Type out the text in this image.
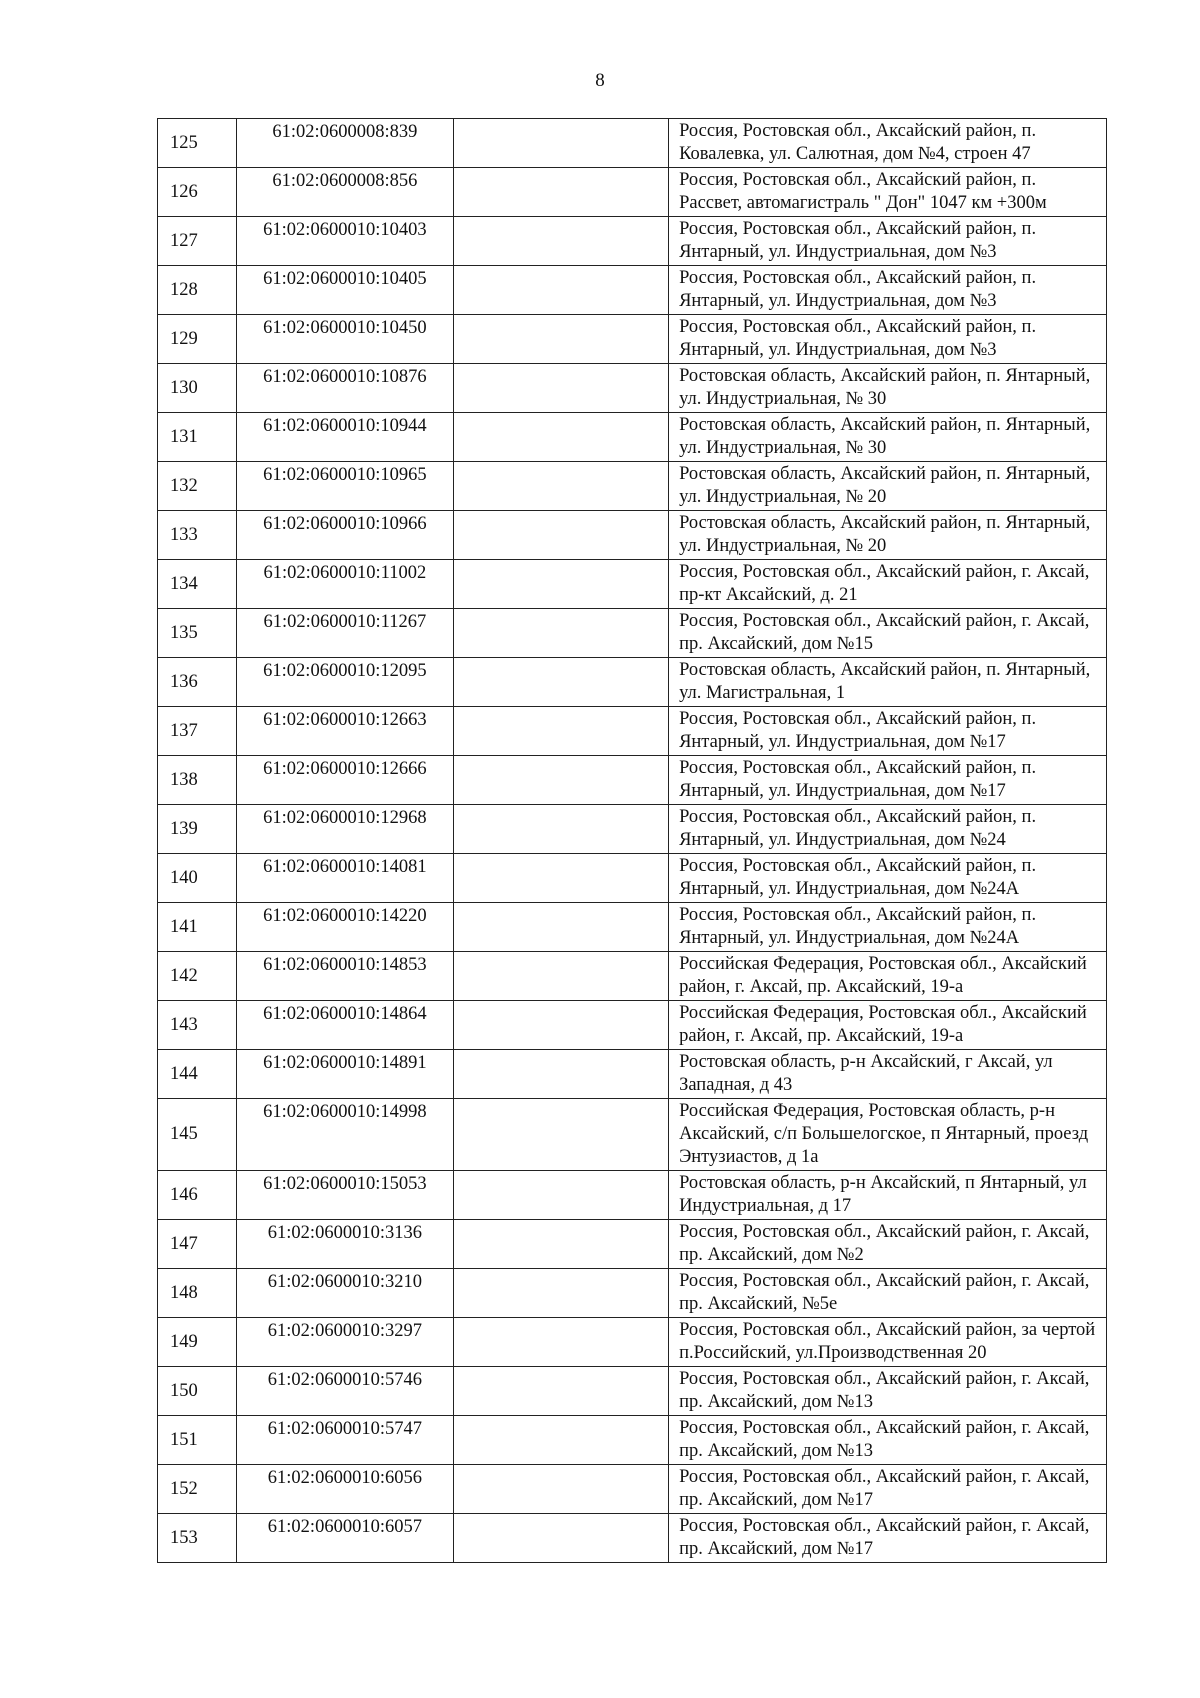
8
125	61:02:0600008:839		Россия, Ростовская обл., Аксайский район, п. Ковалевка, ул. Салютная, дом №4, строен 47
126	61:02:0600008:856		Россия, Ростовская обл., Аксайский район, п. Рассвет, автомагистраль " Дон" 1047 км +300м
127	61:02:0600010:10403		Россия, Ростовская обл., Аксайский район, п. Янтарный, ул. Индустриальная, дом №3
128	61:02:0600010:10405		Россия, Ростовская обл., Аксайский район, п. Янтарный, ул. Индустриальная, дом №3
129	61:02:0600010:10450		Россия, Ростовская обл., Аксайский район, п. Янтарный, ул. Индустриальная, дом №3
130	61:02:0600010:10876		Ростовская область, Аксайский район, п. Янтарный, ул. Индустриальная, № 30
131	61:02:0600010:10944		Ростовская область, Аксайский район, п. Янтарный, ул. Индустриальная, № 30
132	61:02:0600010:10965		Ростовская область, Аксайский район, п. Янтарный, ул. Индустриальная, № 20
133	61:02:0600010:10966		Ростовская область, Аксайский район, п. Янтарный, ул. Индустриальная, № 20
134	61:02:0600010:11002		Россия, Ростовская обл., Аксайский район, г. Аксай, пр-кт Аксайский, д. 21
135	61:02:0600010:11267		Россия, Ростовская обл., Аксайский район, г. Аксай, пр. Аксайский, дом №15
136	61:02:0600010:12095		Ростовская область, Аксайский район, п. Янтарный, ул. Магистральная, 1
137	61:02:0600010:12663		Россия, Ростовская обл., Аксайский район, п. Янтарный, ул. Индустриальная, дом №17
138	61:02:0600010:12666		Россия, Ростовская обл., Аксайский район, п. Янтарный, ул. Индустриальная, дом №17
139	61:02:0600010:12968		Россия, Ростовская обл., Аксайский район, п. Янтарный, ул. Индустриальная, дом №24
140	61:02:0600010:14081		Россия, Ростовская обл., Аксайский район, п. Янтарный, ул. Индустриальная, дом №24А
141	61:02:0600010:14220		Россия, Ростовская обл., Аксайский район, п. Янтарный, ул. Индустриальная, дом №24А
142	61:02:0600010:14853		Российская Федерация, Ростовская обл., Аксайский район, г. Аксай, пр. Аксайский, 19-а
143	61:02:0600010:14864		Российская Федерация, Ростовская обл., Аксайский район, г. Аксай, пр. Аксайский, 19-а
144	61:02:0600010:14891		Ростовская область, р-н Аксайский, г Аксай, ул Западная, д 43
145	61:02:0600010:14998		Российская Федерация, Ростовская область, р-н Аксайский, с/п Большелогское, п Янтарный, проезд Энтузиастов, д 1а
146	61:02:0600010:15053		Ростовская область, р-н Аксайский, п Янтарный, ул Индустриальная, д 17
147	61:02:0600010:3136		Россия, Ростовская обл., Аксайский район, г. Аксай, пр. Аксайский, дом №2
148	61:02:0600010:3210		Россия, Ростовская обл., Аксайский район, г. Аксай, пр. Аксайский, №5е
149	61:02:0600010:3297		Россия, Ростовская обл., Аксайский район, за чертой п.Российский, ул.Производственная 20
150	61:02:0600010:5746		Россия, Ростовская обл., Аксайский район, г. Аксай, пр. Аксайский, дом №13
151	61:02:0600010:5747		Россия, Ростовская обл., Аксайский район, г. Аксай, пр. Аксайский, дом №13
152	61:02:0600010:6056		Россия, Ростовская обл., Аксайский район, г. Аксай, пр. Аксайский, дом №17
153	61:02:0600010:6057		Россия, Ростовская обл., Аксайский район, г. Аксай, пр. Аксайский, дом №17
